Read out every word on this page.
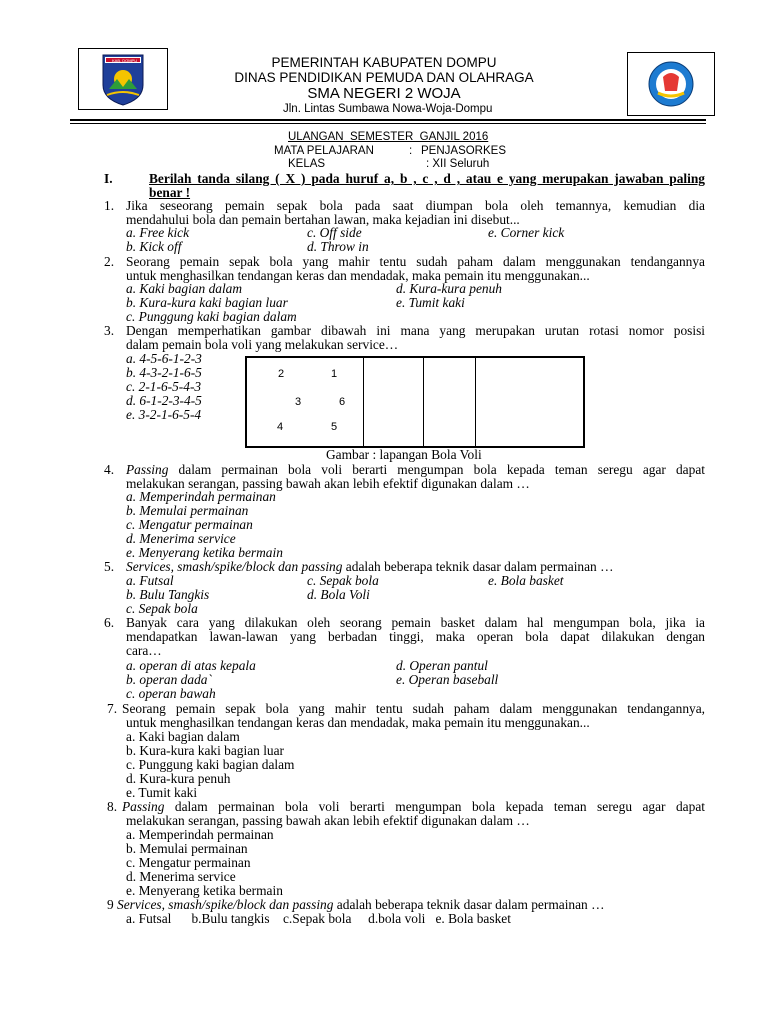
KAB. DOMPU	PEMERINTAH KABUPATEN DOMPU
DINAS PENDIDIKAN PEMUDA DAN OLAHRAGA
SMA NEGERI 2 WOJA
Jln. Lintas Sumbawa Nowa-Woja-Dompu
ULANGAN  SEMESTER  GANJIL 2016
MATA PELAJARAN	: PENJASORKES
KELAS	: XII Seluruh
I.	Berilah tanda silang ( X ) pada huruf a, b , c , d , atau e yang merupakan jawaban paling
benar !
1. Jika seseorang pemain sepak bola pada saat diumpan bola oleh temannya, kemudian dia
mendahului bola dan pemain bertahan lawan, maka kejadian ini disebut...
a. Free kick	c. Off side	e. Corner kick
b. Kick off	d. Throw in
2. Seorang pemain sepak bola yang mahir tentu sudah paham dalam menggunakan tendangannya
untuk menghasilkan tendangan keras dan mendadak, maka pemain itu menggunakan...
a. Kaki bagian dalam	d. Kura-kura penuh
b. Kura-kura kaki bagian luar	e. Tumit kaki
c. Punggung kaki bagian dalam
3. Dengan memperhatikan gambar dibawah ini mana yang merupakan urutan rotasi nomor posisi
dalam pemain bola voli yang melakukan service…
a. 4-5-6-1-2-3
b. 4-3-2-1-6-5
c. 2-1-6-5-4-3
d. 6-1-2-3-4-5
e. 3-2-1-6-5-4
2	1
3	6
4	5
Gambar : lapangan Bola Voli
4. Passing dalam permainan bola voli berarti mengumpan bola kepada teman seregu agar dapat
melakukan serangan, passing bawah akan lebih efektif digunakan dalam …
a. Memperindah permainan
b. Memulai permainan
c. Mengatur permainan
d. Menerima service
e. Menyerang ketika bermain
5. Services, smash/spike/block dan passing adalah beberapa teknik dasar dalam permainan …
a. Futsal	c. Sepak bola	e. Bola basket
b. Bulu Tangkis	d. Bola Voli
c. Sepak bola
6. Banyak cara yang dilakukan oleh seorang pemain basket dalam hal mengumpan bola, jika ia
mendapatkan lawan-lawan yang berbadan tinggi, maka operan bola dapat dilakukan dengan
cara…
a. operan di atas kepala	d. Operan pantul
b. operan dada`	e. Operan baseball
c. operan bawah
7. Seorang pemain sepak bola yang mahir tentu sudah paham dalam menggunakan tendangannya,
untuk menghasilkan tendangan keras dan mendadak, maka pemain itu menggunakan...
a. Kaki bagian dalam
b. Kura-kura kaki bagian luar
c. Punggung kaki bagian dalam
d. Kura-kura penuh
e. Tumit kaki
8. Passing dalam permainan bola voli berarti mengumpan bola kepada teman seregu agar dapat
melakukan serangan, passing bawah akan lebih efektif digunakan dalam …
a. Memperindah permainan
b. Memulai permainan
c. Mengatur permainan
d. Menerima service
e. Menyerang ketika bermain
9 Services, smash/spike/block dan passing adalah beberapa teknik dasar dalam permainan …
a. Futsal      b.Bulu tangkis    c.Sepak bola     d.bola voli   e. Bola basket
